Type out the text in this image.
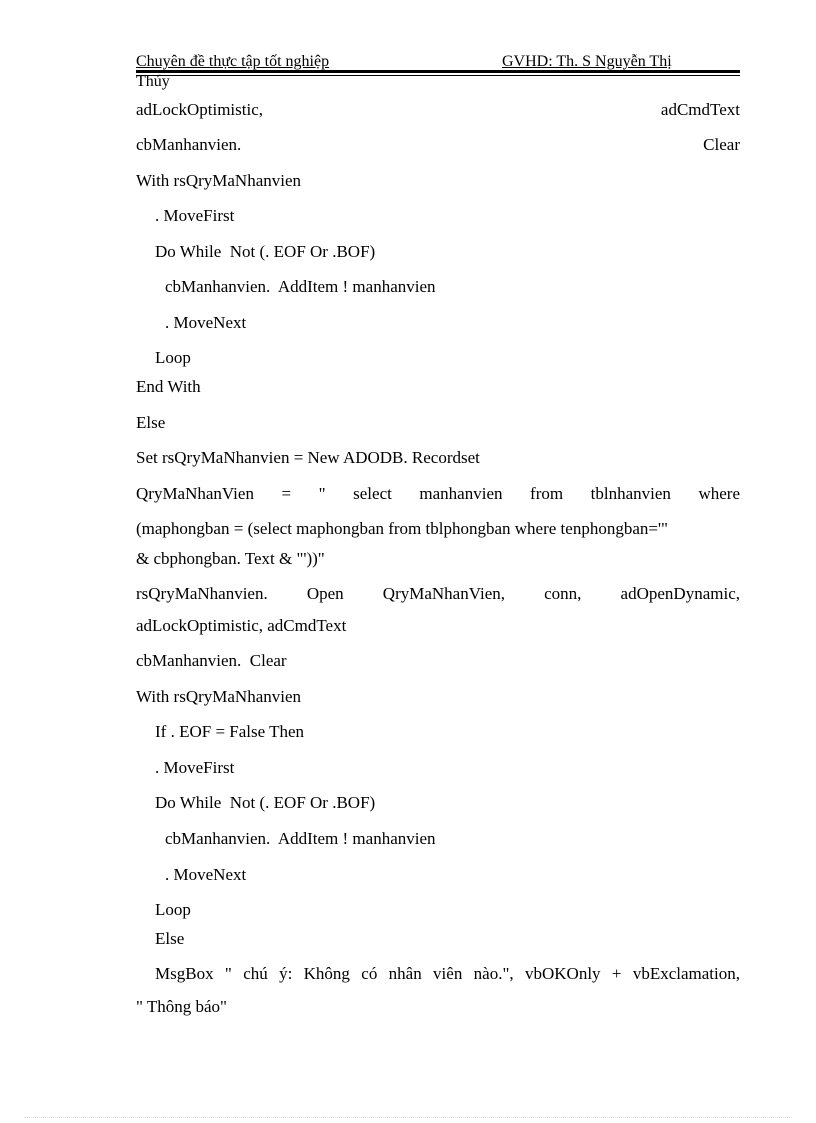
Chuyên đề thực tập tốt nghiệp	GVHD: Th. S Nguyễn Thị
Thúy
adLockOptimistic,	adCmdText
cbManhanvien.	Clear
With rsQryMaNhanvien
. MoveFirst
Do While  Not (. EOF Or .BOF)
cbManhanvien.  AddItem ! manhanvien
. MoveNext
Loop
End With
Else
Set rsQryMaNhanvien = New ADODB. Recordset
QryMaNhanVien = " select manhanvien from tblnhanvien where
(maphongban = (select maphongban from tblphongban where tenphongban='"
& cbphongban. Text & "'))"
rsQryMaNhanvien. Open QryMaNhanVien, conn, adOpenDynamic,
adLockOptimistic, adCmdText
cbManhanvien.  Clear
With rsQryMaNhanvien
If . EOF = False Then
. MoveFirst
Do While  Not (. EOF Or .BOF)
cbManhanvien.  AddItem ! manhanvien
. MoveNext
Loop
Else
MsgBox " chú ý: Không có nhân viên nào.", vbOKOnly + vbExclamation,
" Thông báo"
